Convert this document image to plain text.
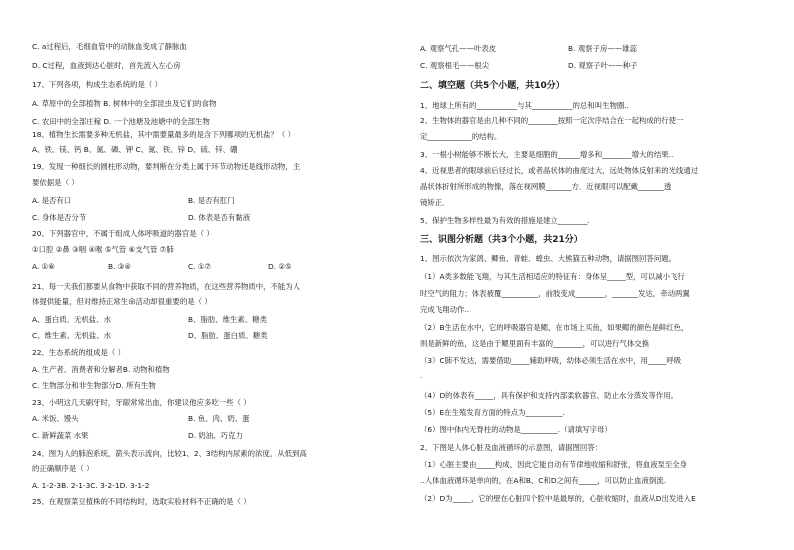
C. a过程后，毛细血管中的动脉血变成了静脉血
D. C过程，血液到达心脏时，首先流入左心房
17、下列各项，构成生态系统的是（ ）
A. 草原中的全部植物 B. 树林中的全部昆虫及它们的食物
C. 农田中的全部庄稼 D. 一个池塘及池塘中的全部生物
18、植物生长需要多种无机盐，其中需要量最多的是含下列哪项的无机盐？（ ）
A、铁、镁、钙 B、氮、磷、钾 C、氮、铁、锌 D、硫、锌、硼
19、发现一种细长的圆柱形动物，要判断在分类上属于环节动物还是线形动物，主
要依据是（ ）
A. 是否有口	B. 是否有肛门
C. 身体是否分节	D. 体表是否有黏液
20、下列器官中，不属于组成人体呼吸道的器官是（ ）
①口腔 ②鼻 ③咽 ④喉 ⑤气管 ⑥支气管 ⑦肺
A. ①⑥	B. ③④	C. ①⑦	D. ②⑤
21、每一天我们都要从食物中获取不同的营养物质，在这些营养物质中，不能为人
体提供能量，但对维持正常生命活动却很重要的是（ ）
A、蛋白质、无机盐、水	B、脂肪、维生素、糖类
C、维生素、无机盐、水	D、脂肪、蛋白质、糖类
22、生态系统的组成是（ ）
A. 生产者、消费者和分解者B. 动物和植物
C. 生物部分和非生物部分D. 所有生物
23、小明这几天刷牙时，牙龈常常出血，你建议他应多吃一些（ ）
A. 米饭、馒头	B. 鱼、肉、奶、蛋
C. 新鲜蔬菜 水果	D. 奶油、巧克力
24、图为人的肺泡系统，箭头表示流向，比较1、2、3结构内尿素的浓度，从低到高
的正确顺序是（ ）
A. 1-2-3B. 2-1-3C. 3-2-1D. 3-1-2
25、在观察菜豆植株的不同结构时，选取实验材料不正确的是（ ）
A. 观察气孔——叶表皮	B. 观察子房——雄蕊
C. 观察根毛——根尖	D. 观察子叶——种子
二、填空题（共5个小题，共10分）
1、地球上所有的___________与其___________的总和叫生物圈..
2、生物体的器官是由几种不同的________按照一定次序结合在一起构成的行使一
定____________的结构。
3、一根小树能够不断长大，主要是细胞的______增多和________增大的结果..
4、近视患者的眼球前后径过长，或者晶状体的曲度过大，远处物体反射来的光线通过
晶状体折射所形成的物像，落在视网膜_______方．近视眼可以配戴_______透
镜矫正．
5、保护生物多样性最为有效的措施是建立________.
三、识图分析题（共3个小题，共21分）
1、图示依次为家鸽、鲫鱼、青蛙、蝗虫、大熊猫五种动物，请据图回答问题。
（1）A类多数能飞翔，与其生活相适应的特征有：身体呈_____型，可以减小飞行
时空气的阻力；体表被覆__________，前肢变成________，_______发达，牵动两翼
完成飞翔动作..
（2）B生活在水中，它的呼吸器官是鳃，在市场上买鱼，如果鳃的颜色是鲜红色，
则是新鲜的鱼，这是由于鳃里面有丰富的________，可以进行气体交换
（3）C肺不发达，需要借助_____辅助呼吸，幼体必须生活在水中，用_____呼吸
.
（4）D的体表有_____，具有保护和支持内部柔软器官、防止水分蒸发等作用。
（5）E在生殖发育方面的特点为__________.
（6）图中体内无脊柱的动物是__________.（请填写字母）
2、下图是人体心脏及血液循环的示意图，请据图回答：
（1）心脏主要由_____构成，因此它能自动有节律地收缩和舒张，将血液泵至全身
..人体血液循环是单向的，在A和B、C和D之间有_____，可以防止血液倒流.
（2）D为_____，它的壁在心脏四个腔中是最厚的，心脏收缩时，血液从D出发进入E
